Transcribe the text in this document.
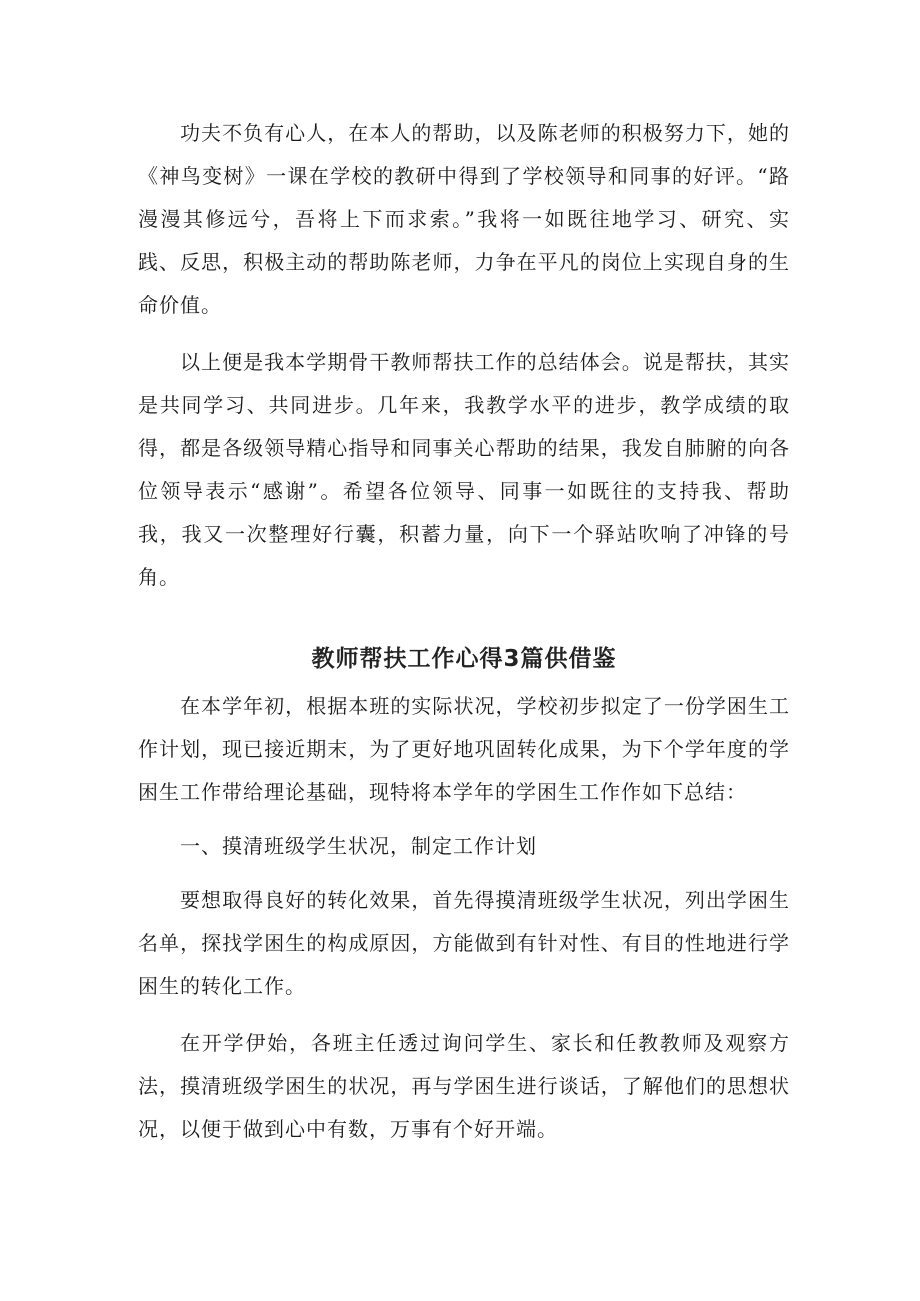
功夫不负有心人，在本人的帮助，以及陈老师的积极努力下，她的《神鸟变树》一课在学校的教研中得到了学校领导和同事的好评。“路漫漫其修远兮，吾将上下而求索。”我将一如既往地学习、研究、实践、反思，积极主动的帮助陈老师，力争在平凡的岗位上实现自身的生命价值。

以上便是我本学期骨干教师帮扶工作的总结体会。说是帮扶，其实是共同学习、共同进步。几年来，我教学水平的进步，教学成绩的取得，都是各级领导精心指导和同事关心帮助的结果，我发自肺腑的向各位领导表示“感谢”。希望各位领导、同事一如既往的支持我、帮助我，我又一次整理好行囊，积蓄力量，向下一个驿站吹响了冲锋的号角。

教师帮扶工作心得3篇供借鉴

在本学年初，根据本班的实际状况，学校初步拟定了一份学困生工作计划，现已接近期末，为了更好地巩固转化成果，为下个学年度的学困生工作带给理论基础，现特将本学年的学困生工作作如下总结：

一、摸清班级学生状况，制定工作计划

要想取得良好的转化效果，首先得摸清班级学生状况，列出学困生名单，探找学困生的构成原因，方能做到有针对性、有目的性地进行学困生的转化工作。

在开学伊始，各班主任透过询问学生、家长和任教教师及观察方法，摸清班级学困生的状况，再与学困生进行谈话，了解他们的思想状况，以便于做到心中有数，万事有个好开端。
